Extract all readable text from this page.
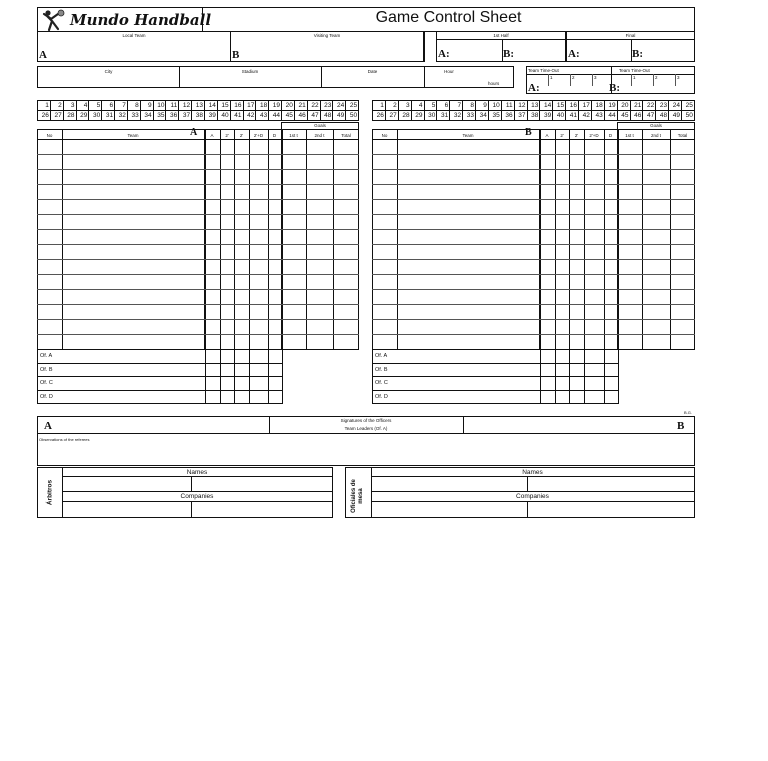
Mundo Handball	Game Control Sheet
Local Team
A
Visiting Team
B
1st Half
A:	B:
Final
A:	B:
City	Stadium	Date	Hour
hours
Team Time-Out	Team Time-Out
A:	B:
1	2	3	1	2	3
1	2	3	4	5	6	7	8	9 10 11 12 13 14 15 16 17 18 19 20 21 22 23 24 25
26 27 28 29 30 31 32 33 34 35 36 37 38 39 40 41 42 43 44 45 46 47 48 49 50
1	2	3	4	5	6	7	8	9 10 11 12 13 14 15 16 17 18 19 20 21 22 23 24 25
26 27 28 29 30 31 32 33 34 35 36 37 38 39 40 41 42 43 44 45 46 47 48 49 50
Goals
No	Team	A	2'	2'	2'+D	D	1st t	2nd t	Total
A
Of. A
Of. B
Of. C
Of. D
Goals
No	Team	A	2'	2'	2'+D	D	1st t	2nd t	Total
B
Of. A
Of. B
Of. C
Of. D
A	B
Signatures of the Officers
Team Leaders (Of. A)
B.G.
Observations of the referees
Names
Companies
Árbitros
Names
Companies
Oficiales de mesa
